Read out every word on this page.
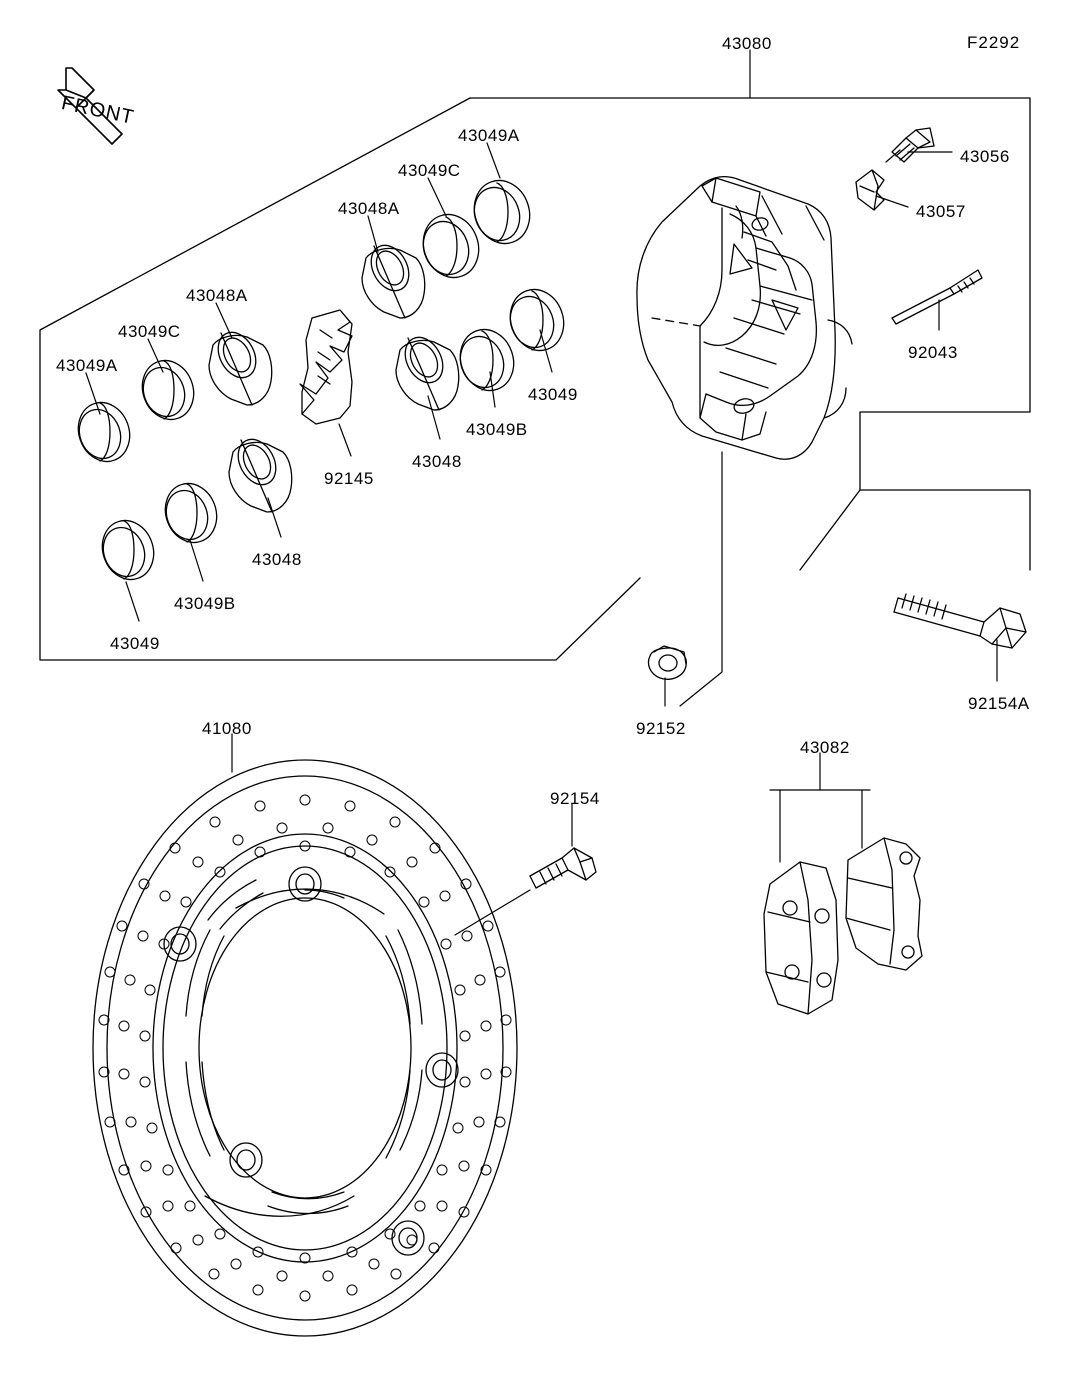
FRONT
F2292
43080
43049A
43049C
43048A
43048A
43049C
43049A
43049
43049B
43048
92145
43048
43049B
43049
43056
43057
92043
92154A
92152
41080
43082
92154
